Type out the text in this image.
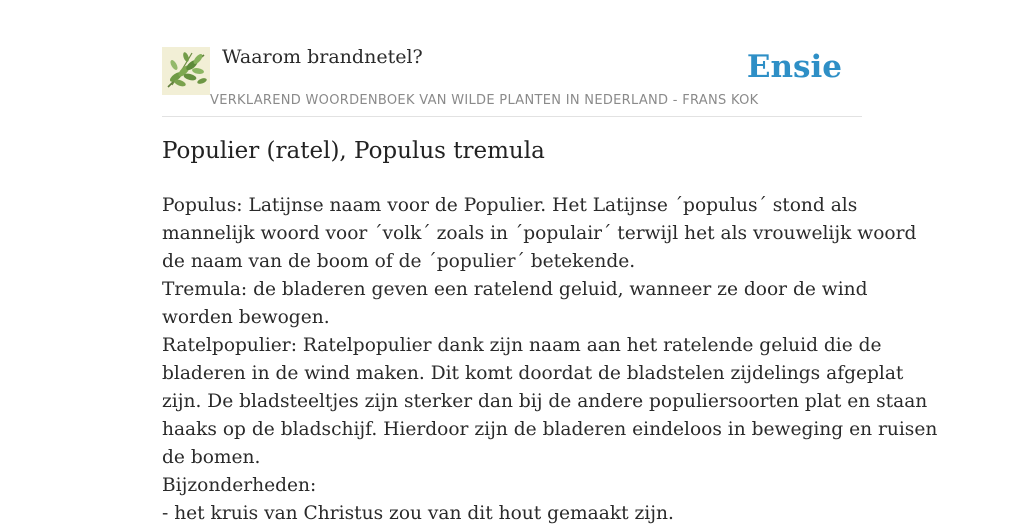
Waarom brandnetel?
VERKLAREND WOORDENBOEK VAN WILDE PLANTEN IN NEDERLAND - FRANS KOK
Ensie
Populier (ratel), Populus tremula
Populus: Latijnse naam voor de Populier. Het Latijnse ´populus´ stond als
mannelijk woord voor ´volk´ zoals in ´populair´ terwijl het als vrouwelijk woord
de naam van de boom of de ´populier´ betekende.
Tremula: de bladeren geven een ratelend geluid, wanneer ze door de wind
worden bewogen.
Ratelpopulier: Ratelpopulier dank zijn naam aan het ratelende geluid die de
bladeren in de wind maken. Dit komt doordat de bladstelen zijdelings afgeplat
zijn. De bladsteeltjes zijn sterker dan bij de andere populiersoorten plat en staan
haaks op de bladschijf. Hierdoor zijn de bladeren eindeloos in beweging en ruisen
de bomen.
Bijzonderheden:
- het kruis van Christus zou van dit hout gemaakt zijn.
